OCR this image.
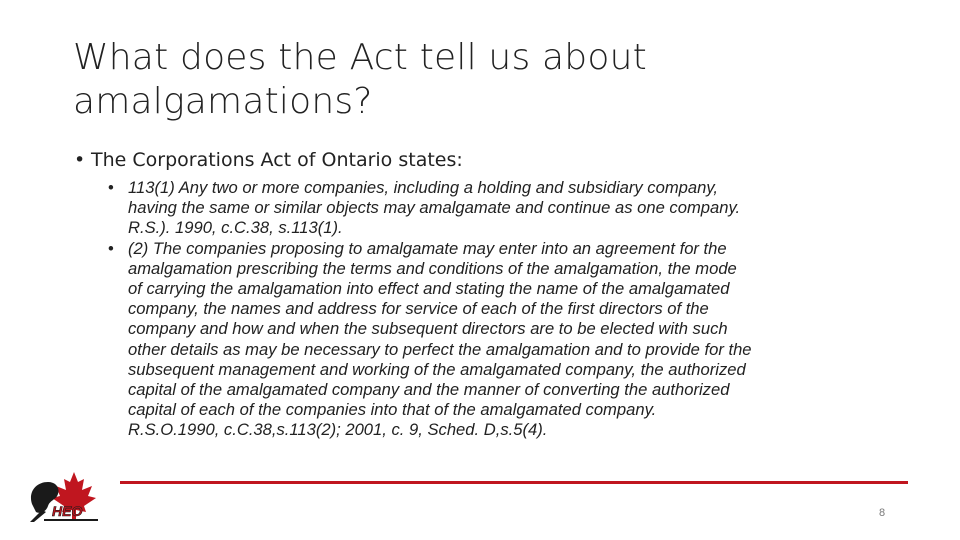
What does the Act tell us about
amalgamations?
• The Corporations Act of Ontario states:
• 113(1) Any two or more companies, including a holding and subsidiary company,
having the same or similar objects may amalgamate and continue as one company.
R.S.). 1990, c.C.38, s.113(1).
• (2) The companies proposing to amalgamate may enter into an agreement for the
amalgamation prescribing the terms and conditions of the amalgamation, the mode
of carrying the amalgamation into effect and stating the name of the amalgamated
company, the names and address for service of each of the first directors of the
company and how and when the subsequent directors are to be elected with such
other details as may be necessary to perfect the amalgamation and to provide for the
subsequent management and working of the amalgamated company, the authorized
capital of the amalgamated company and the manner of converting the authorized
capital of each of the companies into that of the amalgamated company.
R.S.O.1990, c.C.38,s.113(2); 2001, c. 9, Sched. D,s.5(4).
8
HEO
